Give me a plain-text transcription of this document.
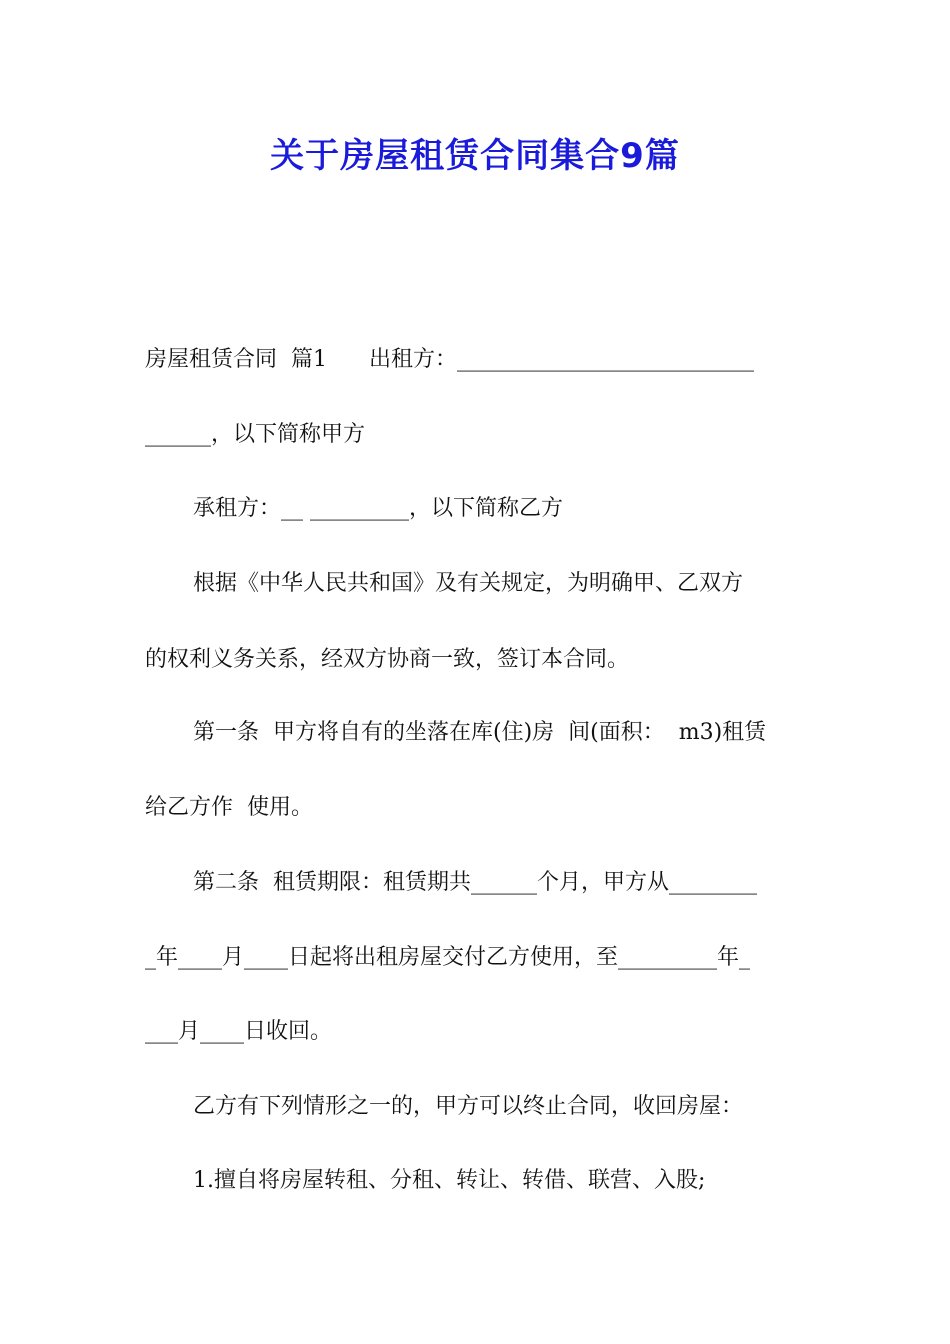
关于房屋租赁合同集合9篇

房屋租赁合同  篇1      出租方：___________________________

______，以下简称甲方

承租方：__ _________，以下简称乙方

根据《中华人民共和国》及有关规定，为明确甲、乙双方

的权利义务关系，经双方协商一致，签订本合同。

第一条  甲方将自有的坐落在库(住)房  间(面积：  m3)租赁

给乙方作  使用。

第二条  租赁期限：租赁期共______个月，甲方从________

_年____月____日起将出租房屋交付乙方使用，至_________年_

___月____日收回。

乙方有下列情形之一的，甲方可以终止合同，收回房屋：

1.擅自将房屋转租、分租、转让、转借、联营、入股;
